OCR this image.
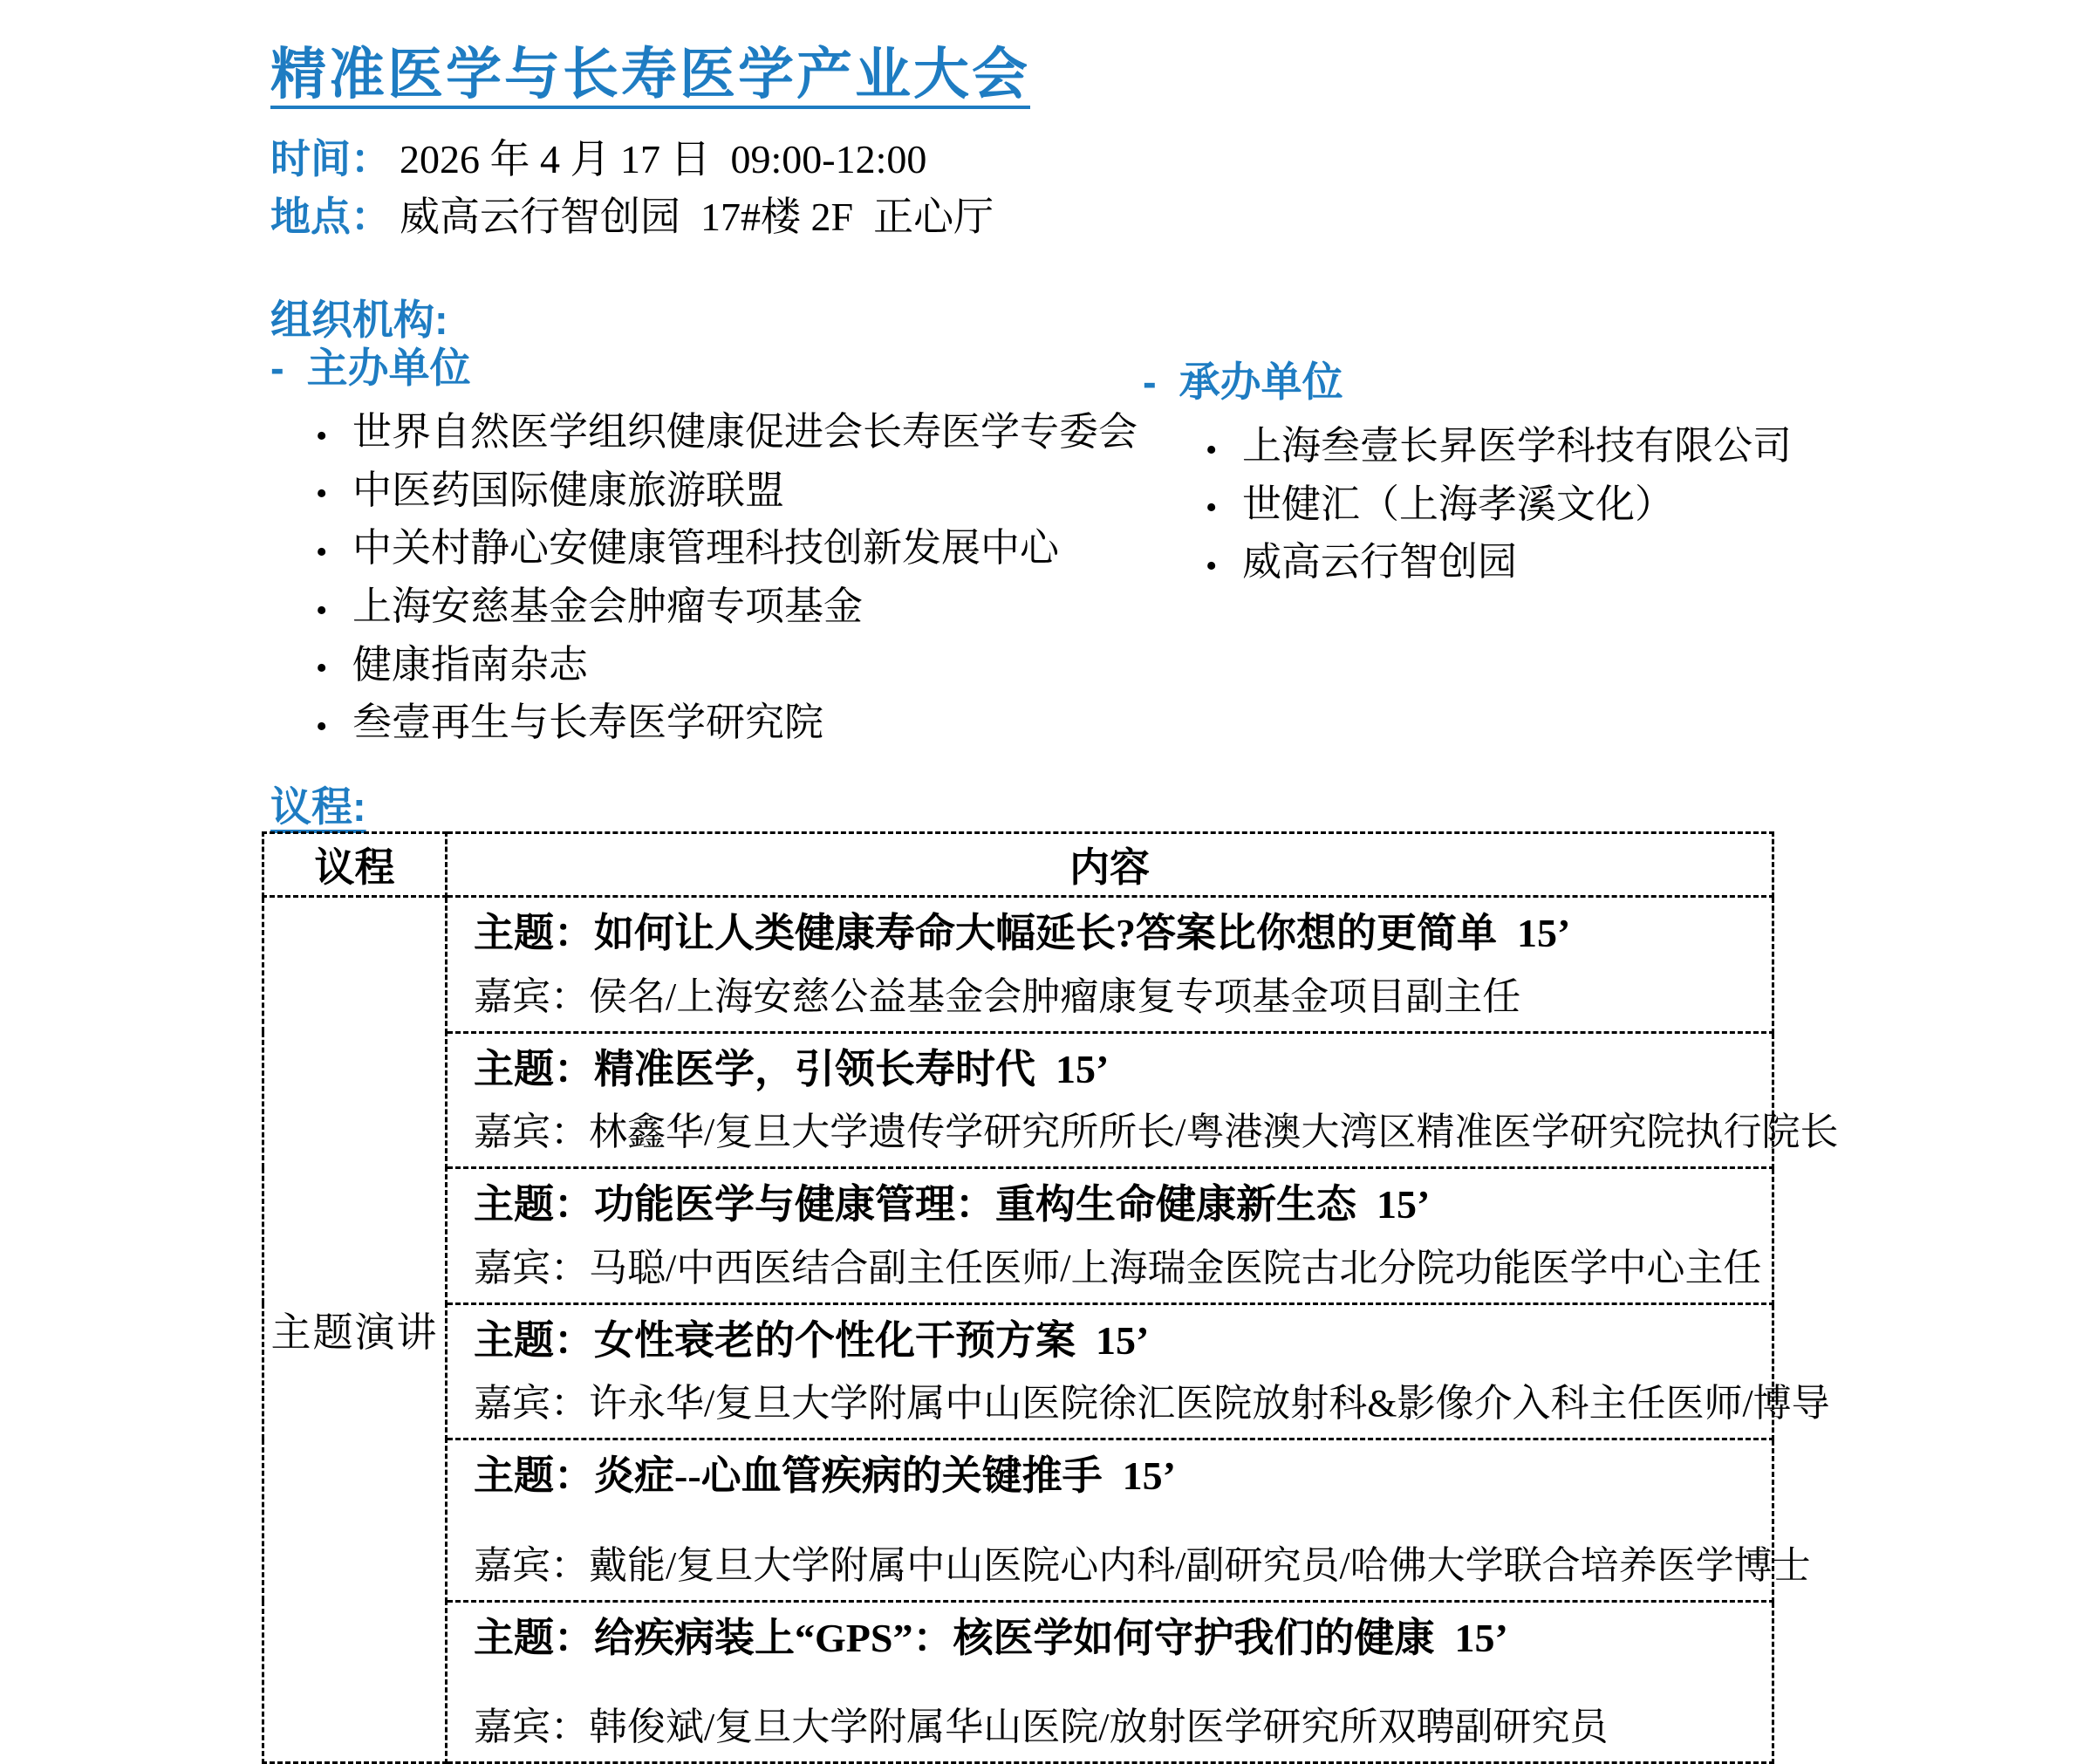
精准医学与长寿医学产业大会
时间： 2026 年 4 月 17 日  09:00-12:00
地点： 威高云行智创园  17#楼 2F  正心厅
组织机构:
- 主办单位
• 世界自然医学组织健康促进会长寿医学专委会
• 中医药国际健康旅游联盟
• 中关村静心安健康管理科技创新发展中心
• 上海安慈基金会肿瘤专项基金
• 健康指南杂志
• 叁壹再生与长寿医学研究院
- 承办单位
• 上海叁壹长昇医学科技有限公司
• 世健汇（上海孝溪文化）
• 威高云行智创园
议程:
议程	内容
主题演讲	主题：如何让人类健康寿命大幅延长?答案比你想的更简单  15’
嘉宾：侯名/上海安慈公益基金会肿瘤康复专项基金项目副主任

	主题：精准医学，引领长寿时代  15’
嘉宾：林鑫华/复旦大学遗传学研究所所长/粤港澳大湾区精准医学研究院执行院长

	主题：功能医学与健康管理：重构生命健康新生态  15’
嘉宾：马聪/中西医结合副主任医师/上海瑞金医院古北分院功能医学中心主任

	主题：女性衰老的个性化干预方案  15’
嘉宾：许永华/复旦大学附属中山医院徐汇医院放射科&影像介入科主任医师/博导

	主题：炎症--心血管疾病的关键推手  15’
嘉宾：戴能/复旦大学附属中山医院心内科/副研究员/哈佛大学联合培养医学博士

	主题：给疾病装上“GPS”：核医学如何守护我们的健康  15’
嘉宾：韩俊斌/复旦大学附属华山医院/放射医学研究所双聘副研究员
